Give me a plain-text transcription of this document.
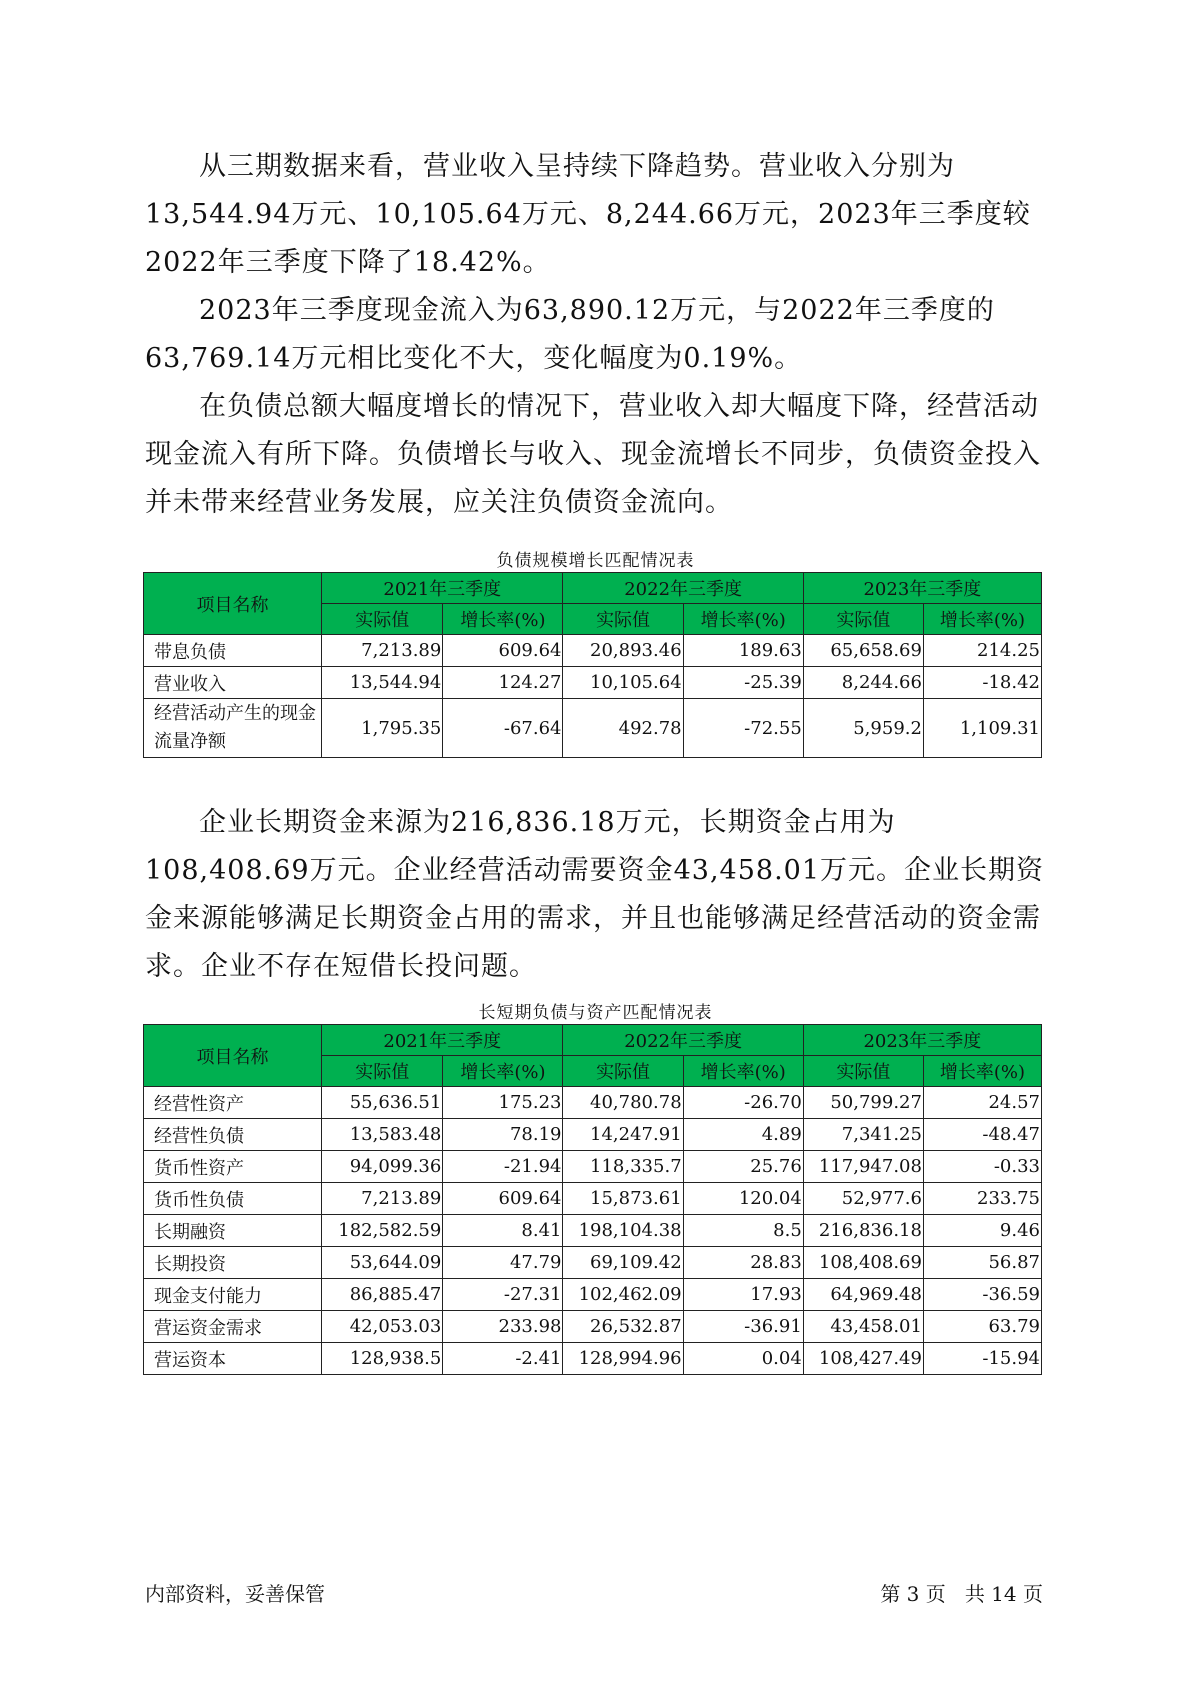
从三期数据来看，营业收入呈持续下降趋势。营业收入分别为13,544.94万元、10,105.64万元、8,244.66万元，2023年三季度较2022年三季度下降了18.42%。

2023年三季度现金流入为63,890.12万元，与2022年三季度的63,769.14万元相比变化不大，变化幅度为0.19%。

在负债总额大幅度增长的情况下，营业收入却大幅度下降，经营活动现金流入有所下降。负债增长与收入、现金流增长不同步，负债资金投入并未带来经营业务发展，应关注负债资金流向。

负债规模增长匹配情况表

项目名称	2021年三季度		2022年三季度		2023年三季度	
	实际值	增长率(%)	实际值	增长率(%)	实际值	增长率(%)
带息负债	7,213.89	609.64	20,893.46	189.63	65,658.69	214.25
营业收入	13,544.94	124.27	10,105.64	-25.39	8,244.66	-18.42
经营活动产生的现金流量净额	1,795.35	-67.64	492.78	-72.55	5,959.2	1,109.31

企业长期资金来源为216,836.18万元，长期资金占用为108,408.69万元。企业经营活动需要资金43,458.01万元。企业长期资金来源能够满足长期资金占用的需求，并且也能够满足经营活动的资金需求。企业不存在短借长投问题。

长短期负债与资产匹配情况表

项目名称	2021年三季度		2022年三季度		2023年三季度	
	实际值	增长率(%)	实际值	增长率(%)	实际值	增长率(%)
经营性资产	55,636.51	175.23	40,780.78	-26.70	50,799.27	24.57
经营性负债	13,583.48	78.19	14,247.91	4.89	7,341.25	-48.47
货币性资产	94,099.36	-21.94	118,335.7	25.76	117,947.08	-0.33
货币性负债	7,213.89	609.64	15,873.61	120.04	52,977.6	233.75
长期融资	182,582.59	8.41	198,104.38	8.5	216,836.18	9.46
长期投资	53,644.09	47.79	69,109.42	28.83	108,408.69	56.87
现金支付能力	86,885.47	-27.31	102,462.09	17.93	64,969.48	-36.59
营运资金需求	42,053.03	233.98	26,532.87	-36.91	43,458.01	63.79
营运资本	128,938.5	-2.41	128,994.96	0.04	108,427.49	-15.94

内部资料，妥善保管	第 3 页   共 14 页
